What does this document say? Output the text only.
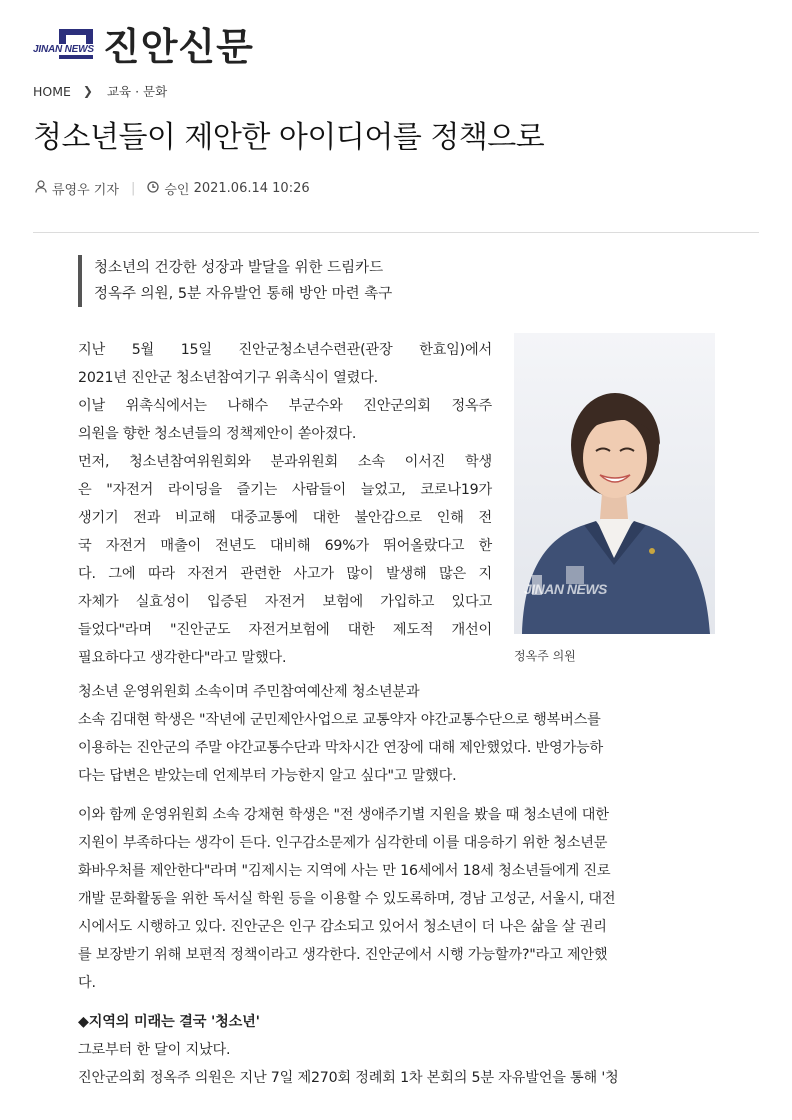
JINAN NEWS 진안신문
HOME ❯ 교육 · 문화
청소년들이 제안한 아이디어를 정책으로
류영우 기자 | 승인
2021.06.14 10:26
청소년의 건강한 성장과 발달을 위한 드림카드
정옥주 의원, 5분 자유발언 통해 방안 마련 촉구
JINAN NEWS
정옥주 의원
지난 5월 15일 진안군청소년수련관(관장 한효임)에서
2021년 진안군 청소년참여기구 위촉식이 열렸다.
이날 위촉식에서는 나해수 부군수와 진안군의회 정옥주
의원을 향한 청소년들의 정책제안이 쏟아졌다.
먼저, 청소년참여위원회와 분과위원회 소속 이서진 학생
은 "자전거 라이딩을 즐기는 사람들이 늘었고, 코로나19가
생기기 전과 비교해 대중교통에 대한 불안감으로 인해 전
국 자전거 매출이 전년도 대비해 69%가 뛰어올랐다고 한
다. 그에 따라 자전거 관련한 사고가 많이 발생해 많은 지
자체가 실효성이 입증된 자전거 보험에 가입하고 있다고
들었다"라며 "진안군도 자전거보험에 대한 제도적 개선이
필요하다고 생각한다"라고 말했다.
청소년 운영위원회 소속이며 주민참여예산제 청소년분과
소속 김대현 학생은 "작년에 군민제안사업으로 교통약자 야간교통수단으로 행복버스를
이용하는 진안군의 주말 야간교통수단과 막차시간 연장에 대해 제안했었다. 반영가능하
다는 답변은 받았는데 언제부터 가능한지 알고 싶다"고 말했다.
이와 함께 운영위원회 소속 강채현 학생은 "전 생애주기별 지원을 봤을 때 청소년에 대한
지원이 부족하다는 생각이 든다. 인구감소문제가 심각한데 이를 대응하기 위한 청소년문
화바우처를 제안한다"라며 "김제시는 지역에 사는 만 16세에서 18세 청소년들에게 진로
개발 문화활동을 위한 독서실 학원 등을 이용할 수 있도록하며, 경남 고성군, 서울시, 대전
시에서도 시행하고 있다. 진안군은 인구 감소되고 있어서 청소년이 더 나은 삶을 살 권리
를 보장받기 위해 보편적 정책이라고 생각한다. 진안군에서 시행 가능할까?"라고 제안했
다.
◆지역의 미래는 결국 '청소년'
그로부터 한 달이 지났다.
진안군의회 정옥주 의원은 지난 7일 제270회 정례회 1차 본회의 5분 자유발언을 통해 '청
